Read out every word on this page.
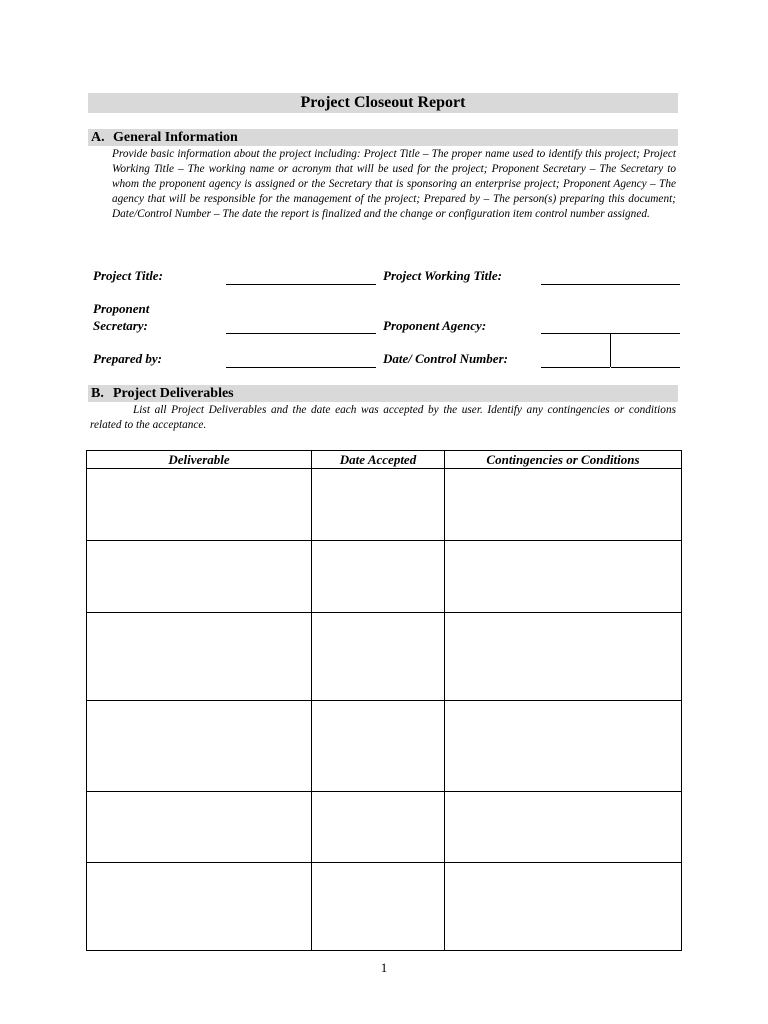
Project Closeout Report
A. General Information

Provide basic information about the project including: Project Title – The proper name used to identify this project; Project Working Title – The working name or acronym that will be used for the project; Proponent Secretary – The Secretary to whom the proponent agency is assigned or the Secretary that is sponsoring an enterprise project; Proponent Agency – The agency that will be responsible for the management of the project; Prepared by – The person(s) preparing this document; Date/Control Number – The date the report is finalized and the change or configuration item control number assigned.

Project Title:	Project Working Title:
Proponent
Secretary:	Proponent Agency:
Prepared by:	Date/ Control Number:
B. Project Deliverables

List all Project Deliverables and the date each was accepted by the user. Identify any contingencies or conditions related to the acceptance.

Deliverable	Date Accepted	Contingencies or Conditions

1
